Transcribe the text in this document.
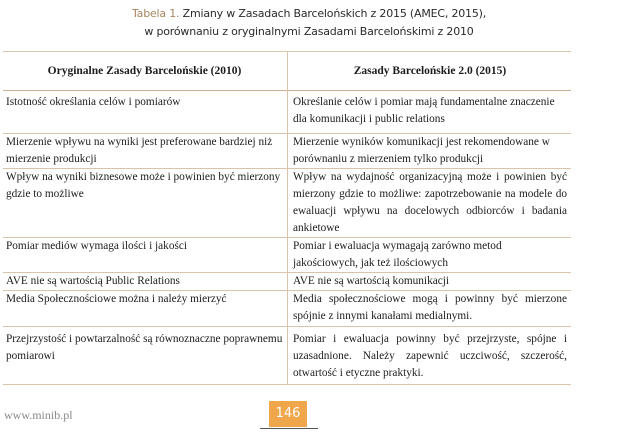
Tabela 1. Zmiany w Zasadach Barcelońskich z 2015 (AMEC, 2015),
w porównaniu z oryginalnymi Zasadami Barcelońskimi z 2010
Oryginalne Zasady Barcelońskie (2010)	Zasady Barcelońskie 2.0 (2015)
Istotność określania celów i pomiarów	Określanie celów i pomiar mają fundamentalne znaczenie dla komunikacji i public relations
Mierzenie wpływu na wyniki jest preferowane bardziej niż mierzenie produkcji	Mierzenie wyników komunikacji jest rekomendowane w porównaniu z mierzeniem tylko produkcji
Wpływ na wyniki biznesowe może i powinien być mierzony gdzie to możliwe	Wpływ na wydajność organizacyjną może i powinien być mierzony gdzie to możliwe: zapotrzebowanie na modele do ewaluacji wpływu na docelowych odbiorców i badania ankietowe
Pomiar mediów wymaga ilości i jakości	Pomiar i ewaluacja wymagają zarówno metod jakościowych, jak też ilościowych
AVE nie są wartością Public Relations	AVE nie są wartością komunikacji
Media Społecznościowe można i należy mierzyć	Media społecznościowe mogą i powinny być mierzone spójnie z innymi kanałami medialnymi.
Przejrzystość i powtarzalność są równoznaczne poprawnemu pomiarowi	Pomiar i ewaluacja powinny być przejrzyste, spójne i uzasadnione. Należy zapewnić uczciwość, szczerość, otwartość i etyczne praktyki.
www.minib.pl	146
